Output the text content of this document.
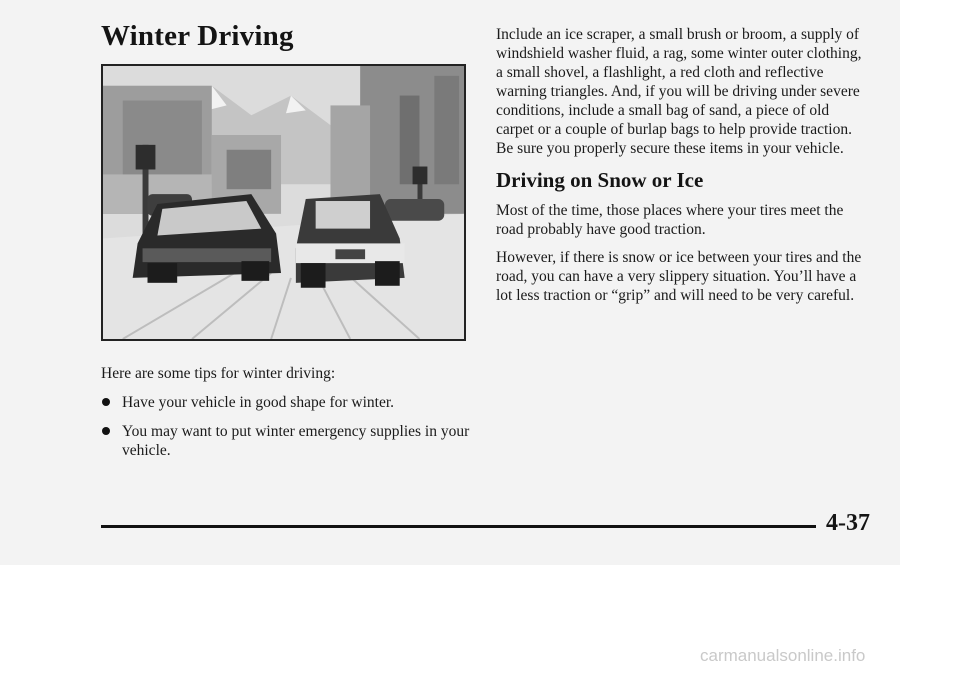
Winter Driving

Here are some tips for winter driving:

Have your vehicle in good shape for winter.
You may want to put winter emergency supplies in your vehicle.

Include an ice scraper, a small brush or broom, a supply of windshield washer fluid, a rag, some winter outer clothing, a small shovel, a flashlight, a red cloth and reflective warning triangles. And, if you will be driving under severe conditions, include a small bag of sand, a piece of old carpet or a couple of burlap bags to help provide traction. Be sure you properly secure these items in your vehicle.

Driving on Snow or Ice

Most of the time, those places where your tires meet the road probably have good traction.

However, if there is snow or ice between your tires and the road, you can have a very slippery situation. You’ll have a lot less traction or “grip” and will need to be very careful.

4-37
carmanualsonline.info
